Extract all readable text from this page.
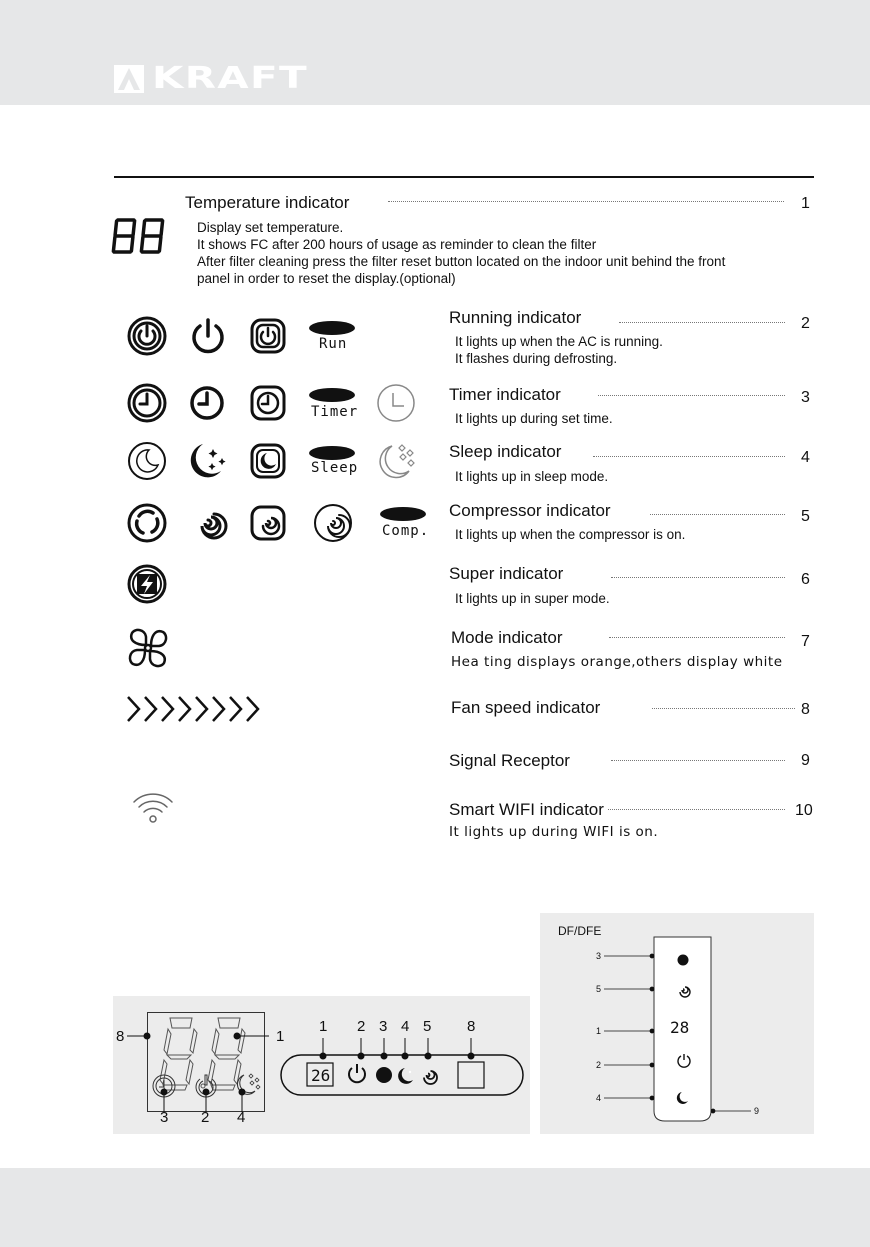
KRAFT
Temperature indicator	1
Display set temperature.
It shows FC after 200 hours of usage as reminder to clean the filter
After filter cleaning press the filter reset button located on the indoor unit behind the front
panel in order to reset the display.(optional)
Run
Running indicator	2
It lights up when the AC is running.
It flashes during defrosting.
Timer
Timer indicator	3
It lights up during set time.
Sleep
Sleep indicator	4
It lights up in sleep mode.
Comp.
Compressor indicator	5
It lights up when the compressor is on.
Super indicator	6
It lights up in super mode.
Mode indicator	7
Hea ting displays orange,others display white
Fan speed indicator	8
Signal Receptor	9
Smart WIFI indicator	10
It lights up during WIFI is on.
8	1
3 2 4
26
1 2 3 4 5 8
DF/DFE
28
3
5
1
2
4
9
